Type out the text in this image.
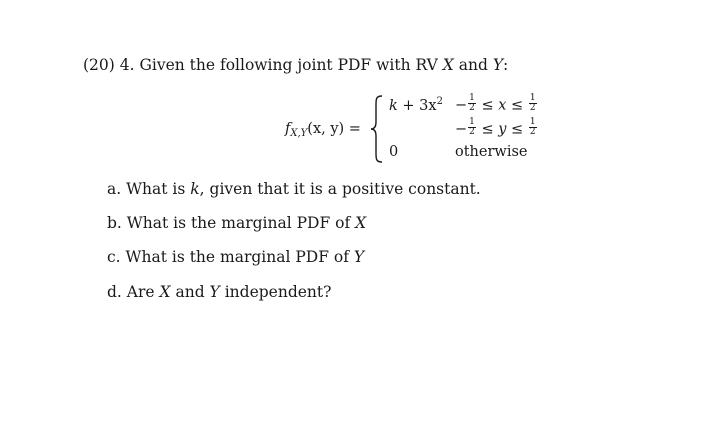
(20) 4. Given the following joint PDF with RV X and Y:
$f_{X,Y}(x$, y) =
$k + 3x^2 - \frac{1}{2} \le x \le \frac{1}{2}$
− $\frac{1}{2} \le y \le \frac{1}{2}$
0	otherwise
a. What is k, given that it is a positive constant.
b. What is the marginal PDF of X
c. What is the marginal PDF of Y
d. Are X and Y independent?
